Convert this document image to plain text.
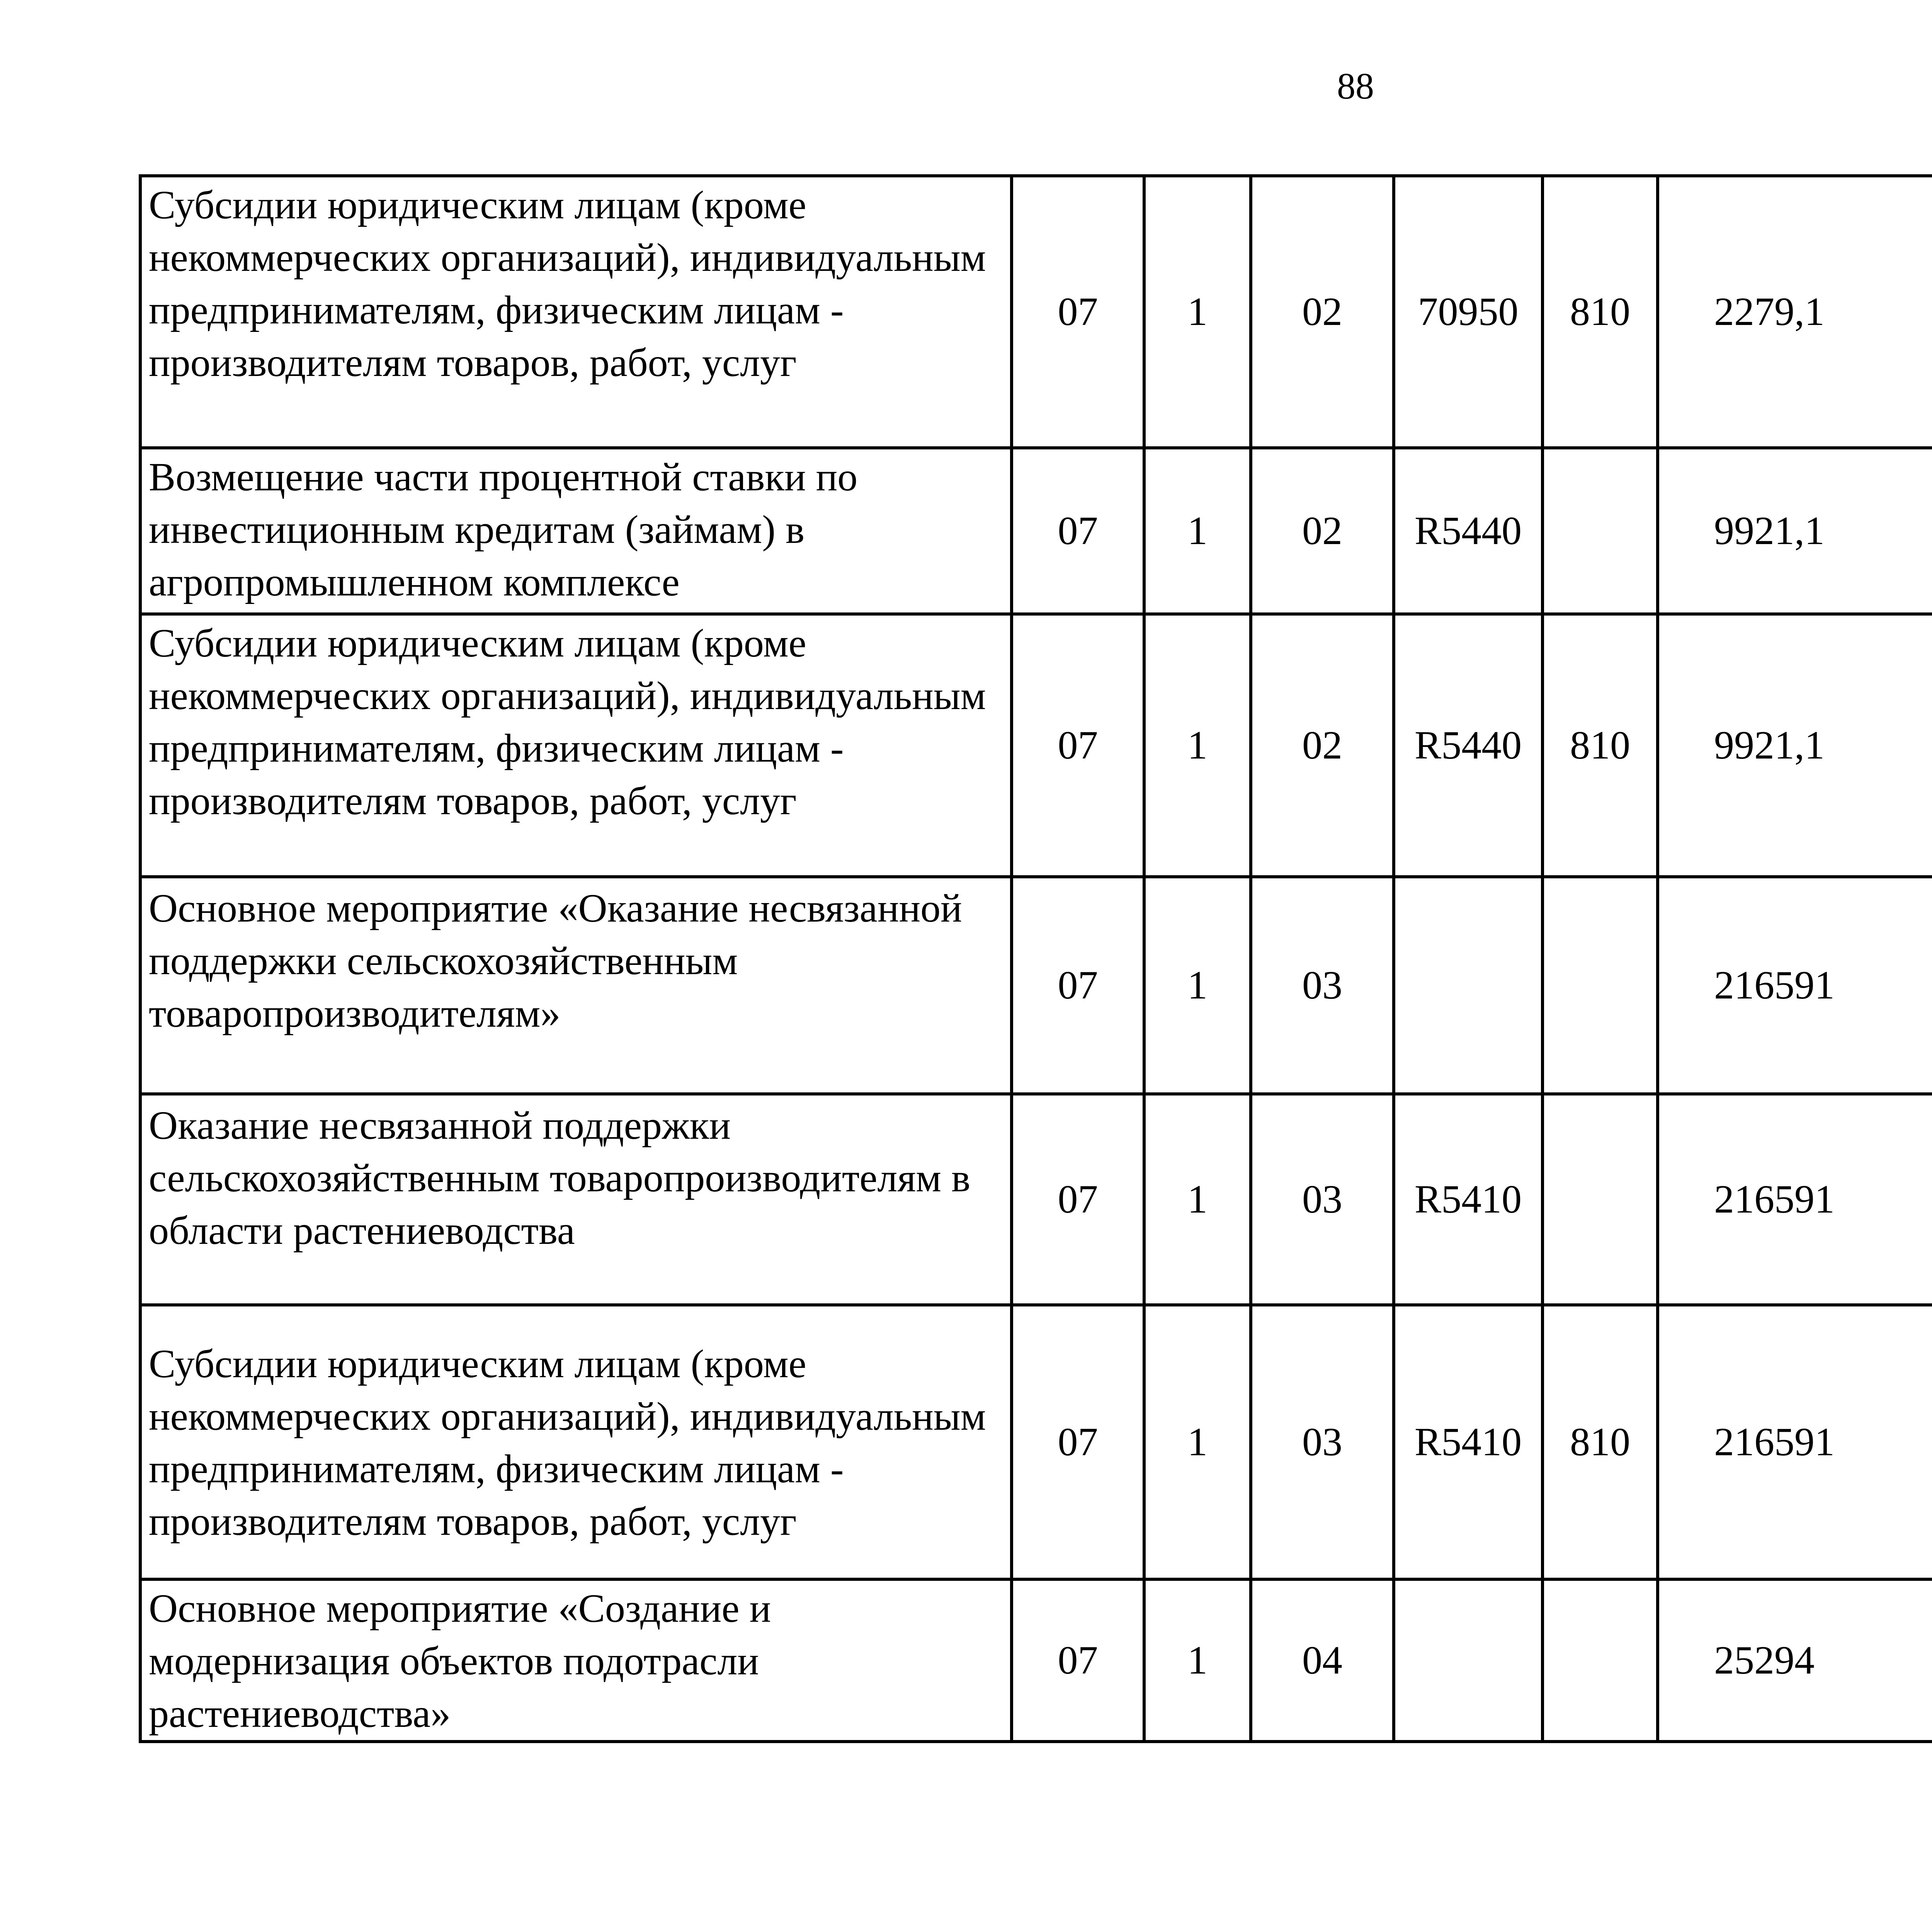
88
Субсидии юридическим лицам (кроме некоммерческих организаций), индивидуальным предпринимателям, физическим лицам - производителям товаров, работ, услуг	07	1	02	70950	810	2279,1		
Возмещение части процентной ставки по инвестиционным кредитам (займам) в агропромышленном комплексе	07	1	02	R5440		9921,1		
Субсидии юридическим лицам (кроме некоммерческих организаций), индивидуальным предпринимателям, физическим лицам - производителям товаров, работ, услуг	07	1	02	R5440	810	9921,1		
Основное мероприятие «Оказание несвязанной поддержки сельскохозяйственным товаропроизводителям»	07	1	03			216591		
Оказание несвязанной поддержки сельскохозяйственным товаропроизводителям в области растениеводства	07	1	03	R5410		216591		
Субсидии юридическим лицам (кроме некоммерческих организаций), индивидуальным предпринимателям, физическим лицам - производителям товаров, работ, услуг	07	1	03	R5410	810	216591		
Основное мероприятие «Создание и модернизация объектов подотрасли растениеводства»	07	1	04			25294		
